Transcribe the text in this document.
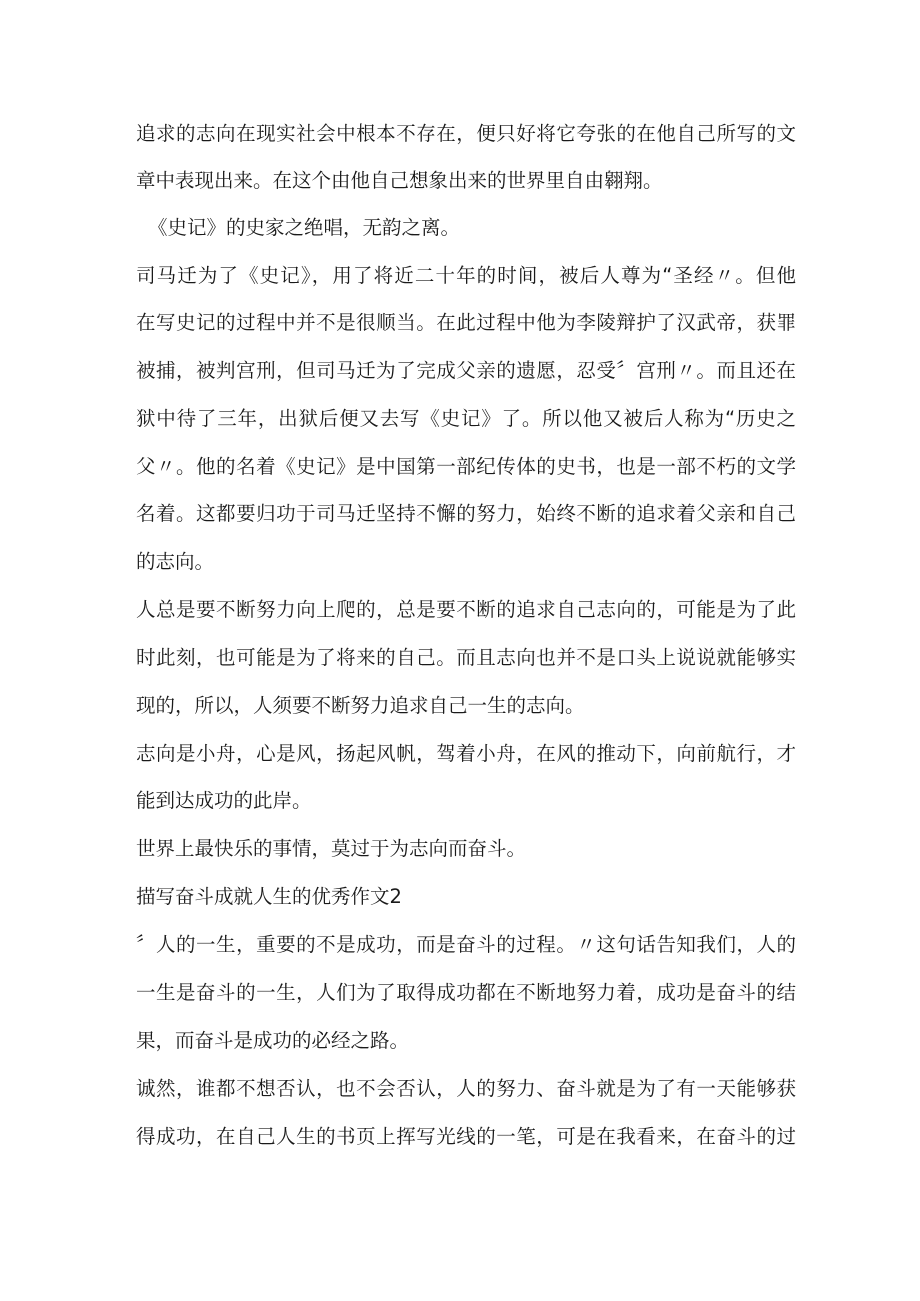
追求的志向在现实社会中根本不存在，便只好将它夸张的在他自己所写的文
章中表现出来。在这个由他自己想象出来的世界里自由翱翔。
《史记》的史家之绝唱，无韵之离。
司马迁为了《史记》，用了将近二十年的时间，被后人尊为“圣经〃。但他
在写史记的过程中并不是很顺当。在此过程中他为李陵辩护了汉武帝，获罪
被捕，被判宫刑，但司马迁为了完成父亲的遗愿，忍受〞宫刑〃。而且还在
狱中待了三年，出狱后便又去写《史记》了。所以他又被后人称为“历史之
父〃。他的名着《史记》是中国第一部纪传体的史书，也是一部不朽的文学
名着。这都要归功于司马迁坚持不懈的努力，始终不断的追求着父亲和自己
的志向。
人总是要不断努力向上爬的，总是要不断的追求自己志向的，可能是为了此
时此刻，也可能是为了将来的自己。而且志向也并不是口头上说说就能够实
现的，所以，人须要不断努力追求自己一生的志向。
志向是小舟，心是风，扬起风帆，驾着小舟，在风的推动下，向前航行，才
能到达成功的此岸。
世界上最快乐的事情，莫过于为志向而奋斗。
描写奋斗成就人生的优秀作文2
〞人的一生，重要的不是成功，而是奋斗的过程。〃这句话告知我们，人的
一生是奋斗的一生，人们为了取得成功都在不断地努力着，成功是奋斗的结
果，而奋斗是成功的必经之路。
诚然，谁都不想否认，也不会否认，人的努力、奋斗就是为了有一天能够获
得成功，在自己人生的书页上挥写光线的一笔，可是在我看来，在奋斗的过
